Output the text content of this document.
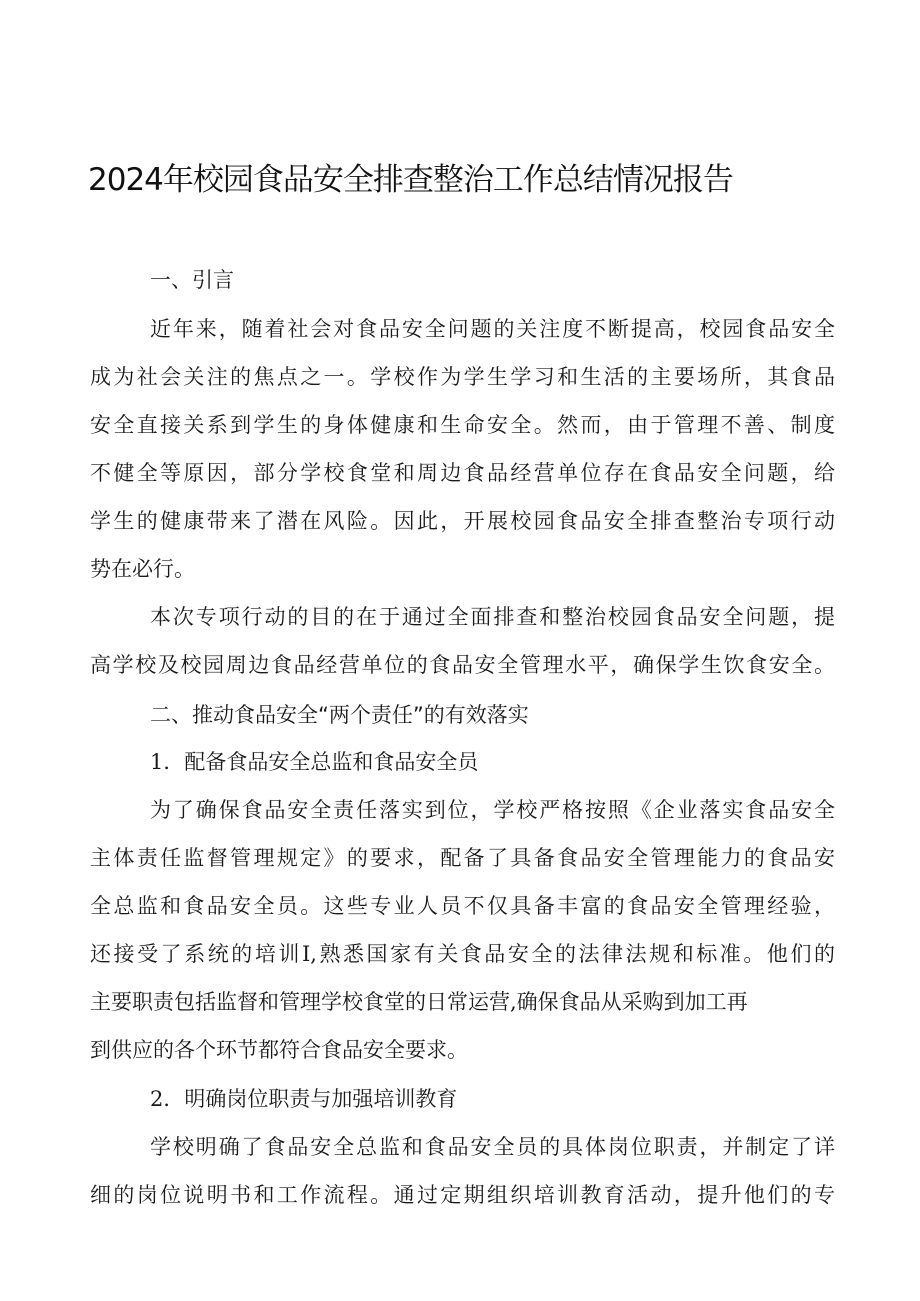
2024年校园食品安全排查整治工作总结情况报告
一、引言
近年来，随着社会对食品安全问题的关注度不断提高，校园食品安全
成为社会关注的焦点之一。学校作为学生学习和生活的主要场所，其食品
安全直接关系到学生的身体健康和生命安全。然而，由于管理不善、制度
不健全等原因，部分学校食堂和周边食品经营单位存在食品安全问题，给
学生的健康带来了潜在风险。因此，开展校园食品安全排查整治专项行动
势在必行。
本次专项行动的目的在于通过全面排查和整治校园食品安全问题，提
高学校及校园周边食品经营单位的食品安全管理水平，确保学生饮食安全。
二、推动食品安全“两个责任”的有效落实
1．配备食品安全总监和食品安全员
为了确保食品安全责任落实到位，学校严格按照《企业落实食品安全
主体责任监督管理规定》的要求，配备了具备食品安全管理能力的食品安
全总监和食品安全员。这些专业人员不仅具备丰富的食品安全管理经验，
还接受了系统的培训I,熟悉国家有关食品安全的法律法规和标准。他们的
主要职责包括监督和管理学校食堂的日常运营,确保食品从采购到加工再
到供应的各个环节都符合食品安全要求。
2．明确岗位职责与加强培训教育
学校明确了食品安全总监和食品安全员的具体岗位职责，并制定了详
细的岗位说明书和工作流程。通过定期组织培训教育活动，提升他们的专
